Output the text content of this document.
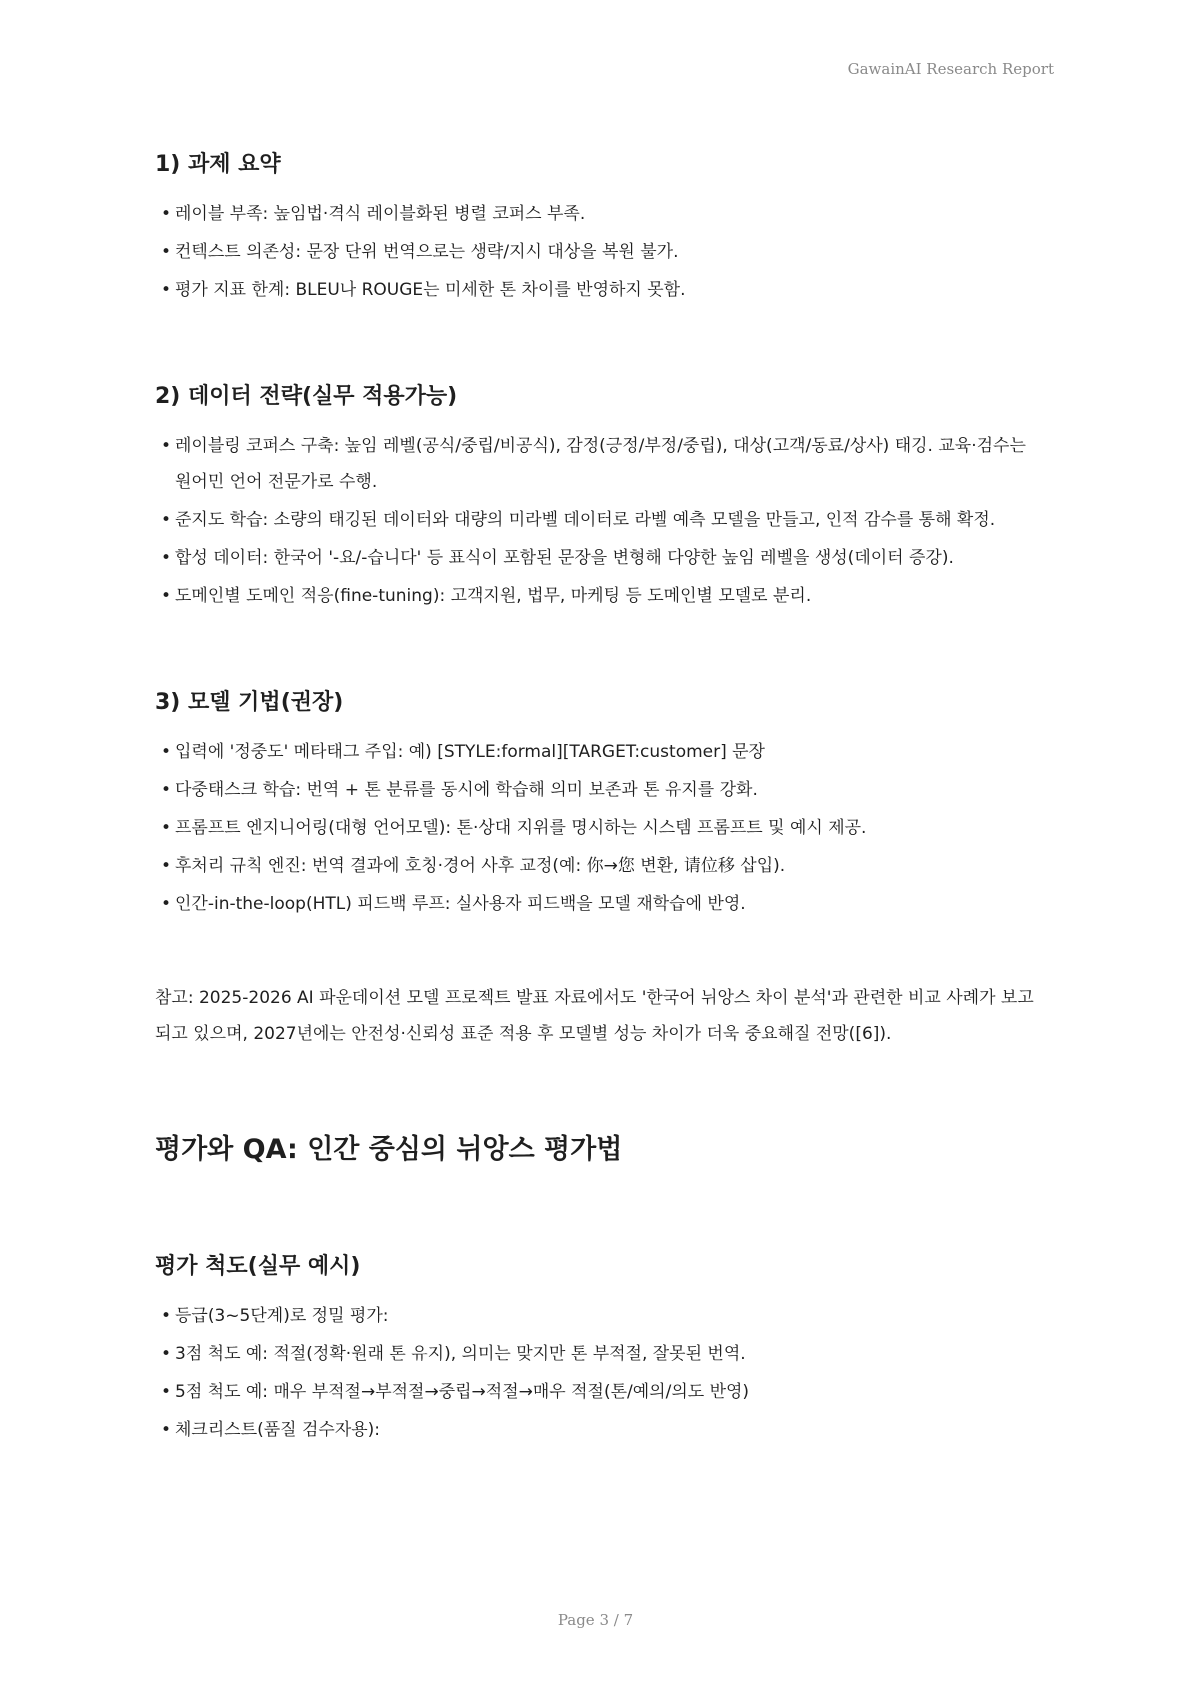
GawainAI Research Report
1) 과제 요약
• 레이블 부족: 높임법·격식 레이블화된 병렬 코퍼스 부족.
• 컨텍스트 의존성: 문장 단위 번역으로는 생략/지시 대상을 복원 불가.
• 평가 지표 한계: BLEU나 ROUGE는 미세한 톤 차이를 반영하지 못함.
2) 데이터 전략(실무 적용가능)
• 레이블링 코퍼스 구축: 높임 레벨(공식/중립/비공식), 감정(긍정/부정/중립), 대상(고객/동료/상사) 태깅. 교육·검수는 원어민 언어 전문가로 수행.
• 준지도 학습: 소량의 태깅된 데이터와 대량의 미라벨 데이터로 라벨 예측 모델을 만들고, 인적 감수를 통해 확정.
• 합성 데이터: 한국어 '-요/-습니다' 등 표식이 포함된 문장을 변형해 다양한 높임 레벨을 생성(데이터 증강).
• 도메인별 도메인 적응(fine-tuning): 고객지원, 법무, 마케팅 등 도메인별 모델로 분리.
3) 모델 기법(권장)
• 입력에 '정중도' 메타태그 주입: 예) [STYLE:formal][TARGET:customer] 문장
• 다중태스크 학습: 번역 + 톤 분류를 동시에 학습해 의미 보존과 톤 유지를 강화.
• 프롬프트 엔지니어링(대형 언어모델): 톤·상대 지위를 명시하는 시스템 프롬프트 및 예시 제공.
• 후처리 규칙 엔진: 번역 결과에 호칭·경어 사후 교정(예: 你→您 변환, 请位移 삽입).
• 인간-in-the-loop(HTL) 피드백 루프: 실사용자 피드백을 모델 재학습에 반영.

참고: 2025-2026 AI 파운데이션 모델 프로젝트 발표 자료에서도 '한국어 뉘앙스 차이 분석'과 관련한 비교 사례가 보고되고 있으며, 2027년에는 안전성·신뢰성 표준 적용 후 모델별 성능 차이가 더욱 중요해질 전망([6]).

평가와 QA: 인간 중심의 뉘앙스 평가법
평가 척도(실무 예시)
• 등급(3~5단계)로 정밀 평가:
• 3점 척도 예: 적절(정확·원래 톤 유지), 의미는 맞지만 톤 부적절, 잘못된 번역.
• 5점 척도 예: 매우 부적절→부적절→중립→적절→매우 적절(톤/예의/의도 반영)
• 체크리스트(품질 검수자용):
Page 3 / 7
